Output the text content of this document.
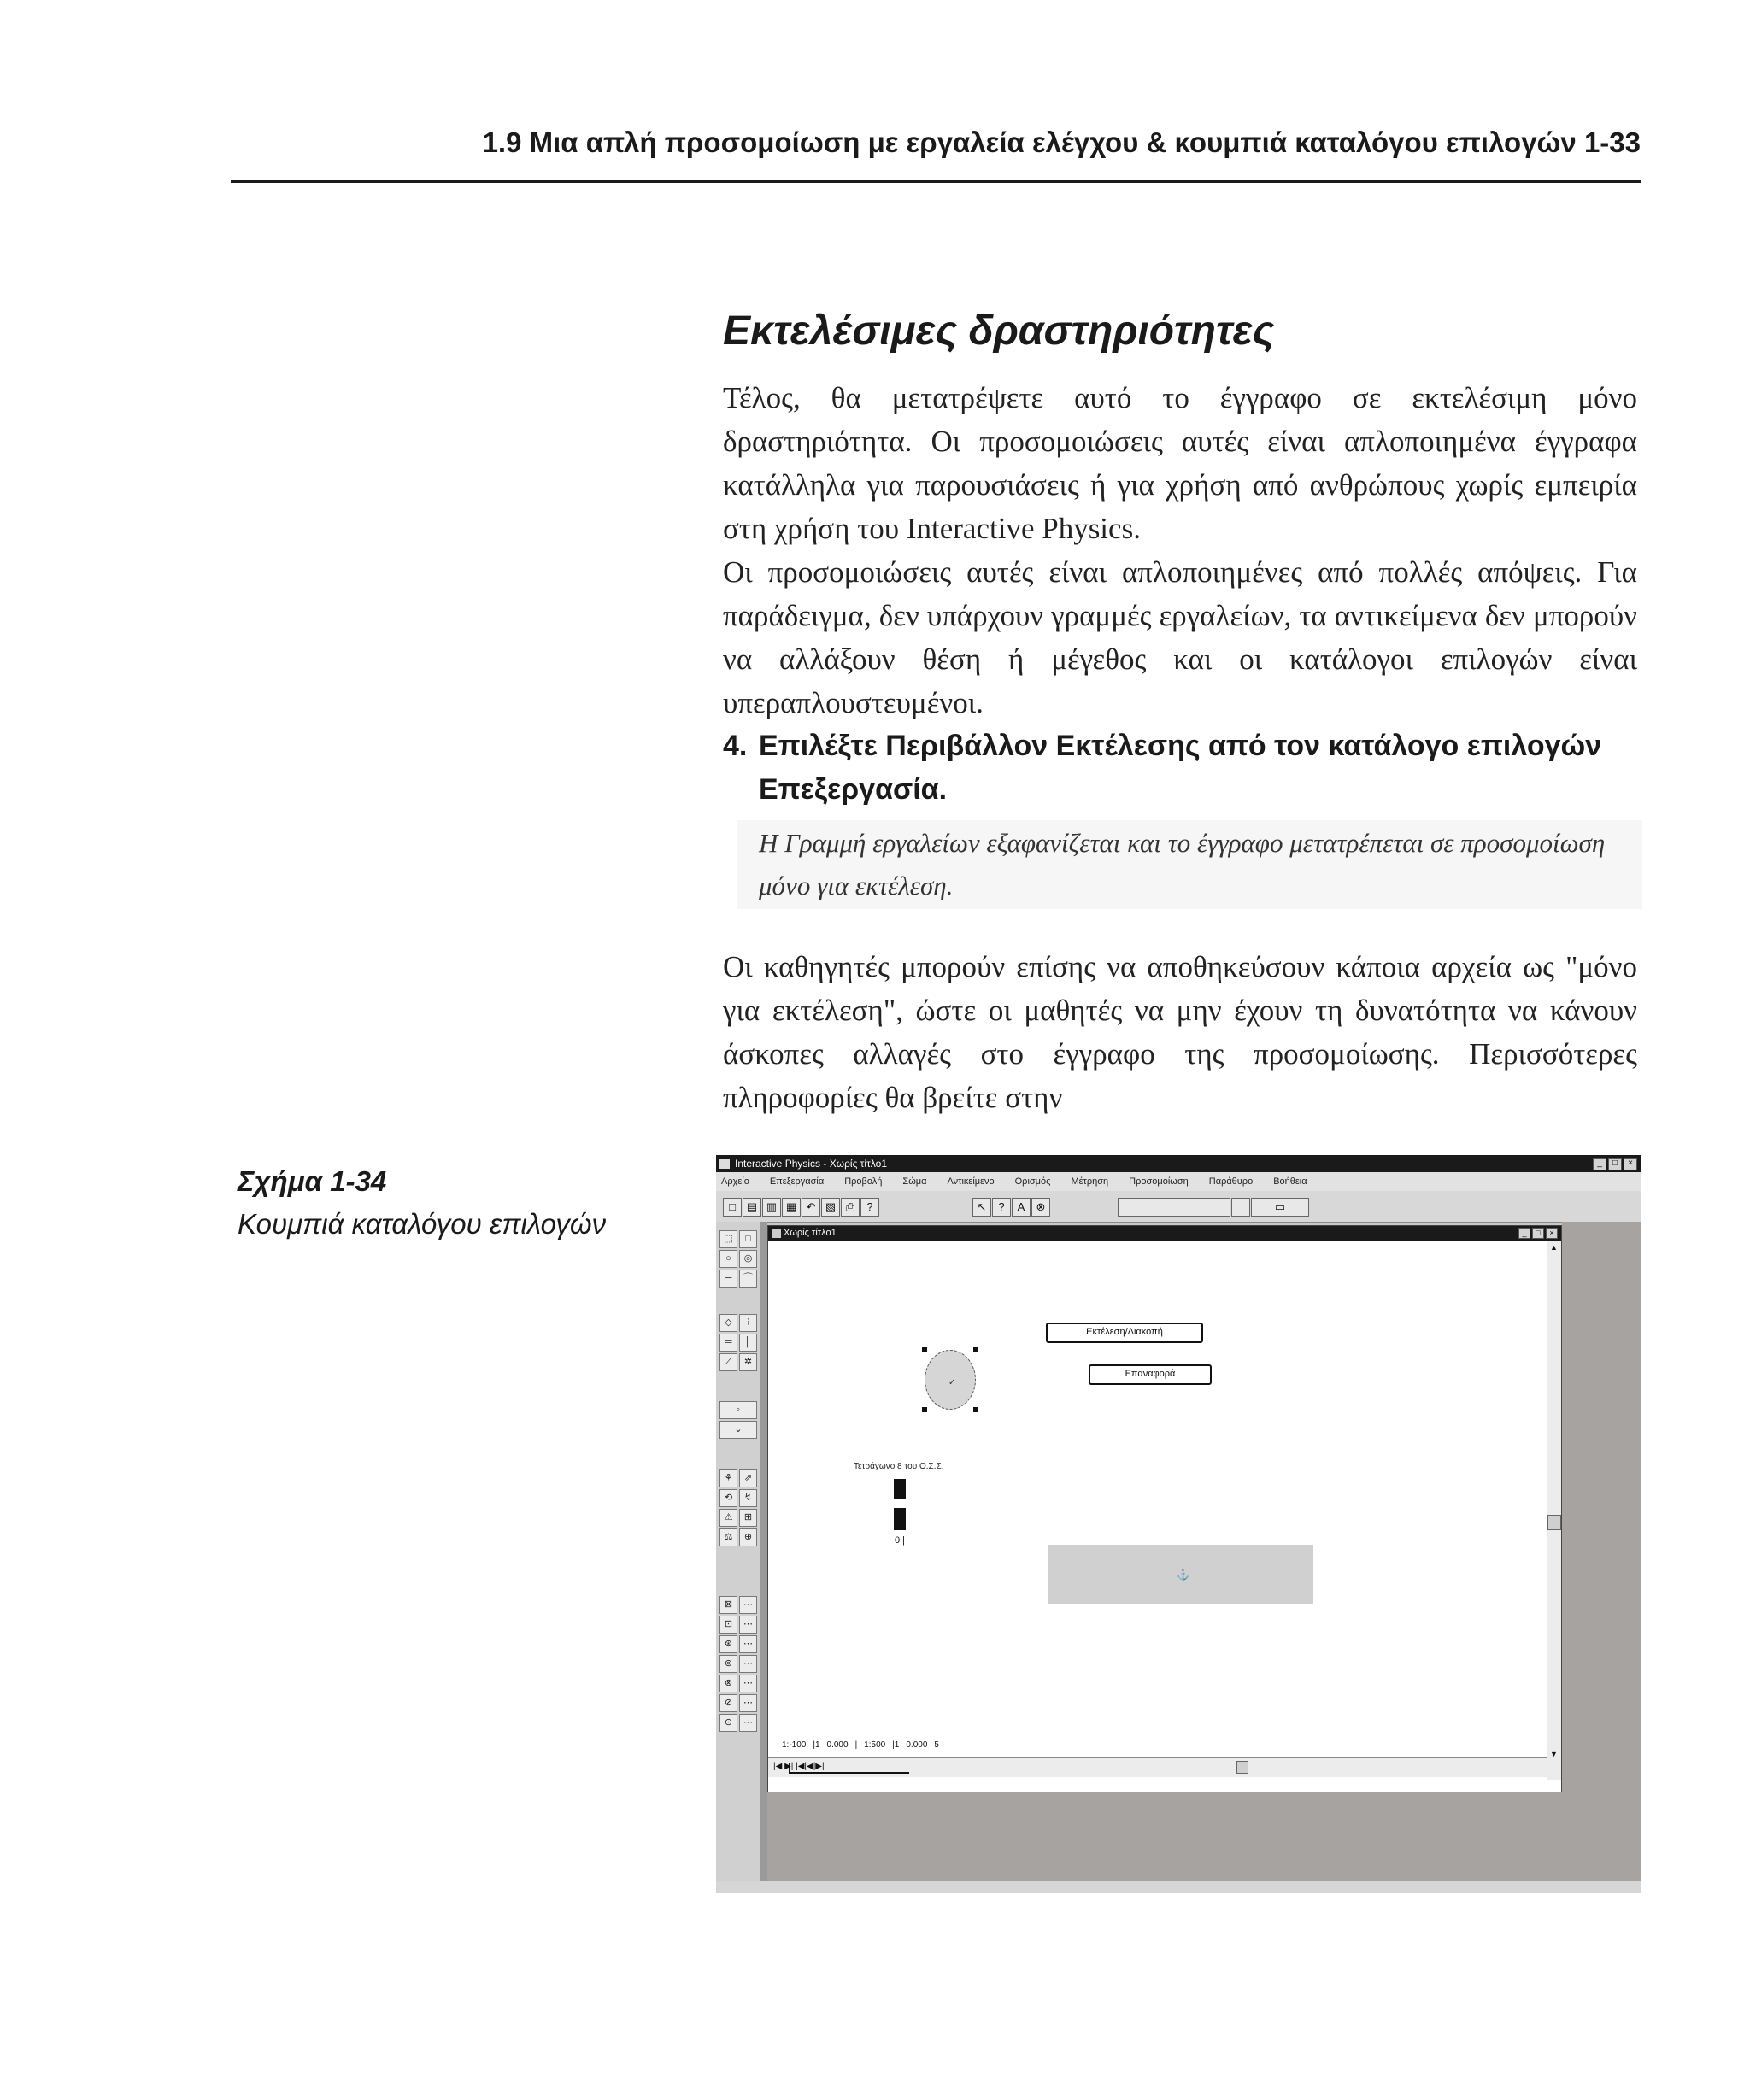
1.9 Μια απλή προσομοίωση με εργαλεία ελέγχου & κουμπιά καταλόγου επιλογών 1-33
Εκτελέσιμες δραστηριότητες
Τέλος, θα μετατρέψετε αυτό το έγγραφο σε εκτελέσιμη μόνο δραστηριότητα. Οι προσομοιώσεις αυτές είναι απλοποιημένα έγγραφα κατάλληλα για παρουσιάσεις ή για χρήση από ανθρώπους χωρίς εμπειρία στη χρήση του Interactive Physics.
Οι προσομοιώσεις αυτές είναι απλοποιημένες από πολλές απόψεις. Για παράδειγμα, δεν υπάρχουν γραμμές εργαλείων, τα αντικείμενα δεν μπορούν να αλλάξουν θέση ή μέγεθος και οι κατάλογοι επιλογών είναι υπεραπλουστευμένοι.
4. Επιλέξτε Περιβάλλον Εκτέλεσης από τον κατάλογο επιλογών Επεξεργασία.
Η Γραμμή εργαλείων εξαφανίζεται και το έγγραφο μετατρέπεται σε προσομοίωση μόνο για εκτέλεση.
Οι καθηγητές μπορούν επίσης να αποθηκεύσουν κάποια αρχεία ως "μόνο για εκτέλεση", ώστε οι μαθητές να μην έχουν τη δυνατότητα να κάνουν άσκοπες αλλαγές στο έγγραφο της προσομοίωσης. Περισσότερες πληροφορίες θα βρείτε στην
Σχήμα 1-34
Κουμπιά καταλόγου επιλογών
Interactive Physics - Χωρίς τίτλο1	_	□	×
Αρχείο Επεξεργασία Προβολή Σώμα Αντικείμενο Ορισμός Μέτρηση Προσομοίωση Παράθυρο Βοήθεια
□ ▤ ▥ ▦ ↶ ▧ ⎙	?	↖	?	A	⊗	▭
⬚	□
○	◎
─	⌒
◇	⫶
═	║
⟋	✲
◦
⌄
⚘	⇗
⟲	↯
⚠	⊞
⚖	⊕
⊠	⋯
⊡	⋯
⊛	⋯
⊚	⋯
⊗	⋯
⊘	⋯
⊙	⋯
Χωρίς τίτλο1	_	□	×
Εκτέλεση/Διακοπή
Επαναφορά
✓
Τετράγωνο 8 του Ο.Σ.Σ.
0 |
⚓
1:-100 |1 0.000 | 1:500 |1 0.000 5
▲
▼
|◀ ▶| |◀|◀|▶|
